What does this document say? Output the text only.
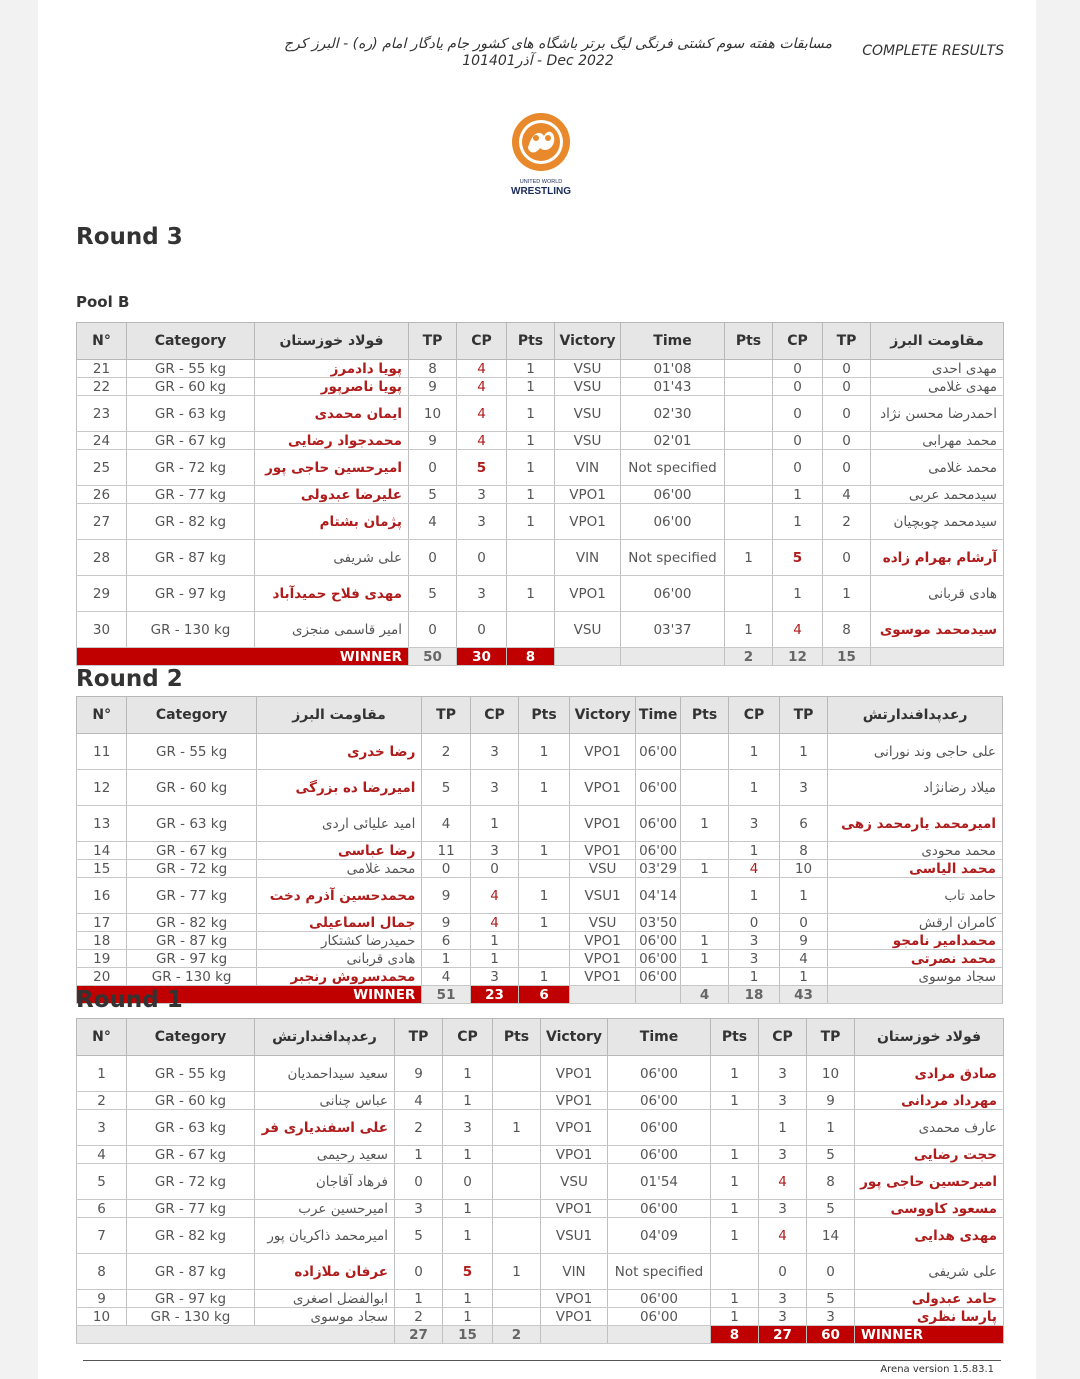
مسابقات هفته سوم کشتی فرنگی لیگ برتر باشگاه های کشور جام یادگار امام (ره) - البرز کرج
10آذر1401 - Dec 2022
COMPLETE RESULTS
UNITED WORLD
WRESTLING
Round 3
Pool B
N°	Category	فولاد خوزستان	TP	CP	Pts	Victory	Time	Pts	CP	TP	مقاومت البرز
21	GR - 55 kg	پویا دادمرز	8	4	1	VSU	01'08		0	0	مهدی احدی
22	GR - 60 kg	پویا ناصرپور	9	4	1	VSU	01'43		0	0	مهدی غلامی
23	GR - 63 kg	ایمان محمدی	10	4	1	VSU	02'30		0	0	احمدرضا محسن نژاد
24	GR - 67 kg	محمدجواد رضایی	9	4	1	VSU	02'01		0	0	محمد مهرابی
25	GR - 72 kg	امیرحسین حاجی پور	0	5	1	VIN	Not specified		0	0	محمد غلامی
26	GR - 77 kg	علیرضا عبدولی	5	3	1	VPO1	06'00		1	4	سیدمحمد عربی
27	GR - 82 kg	پژمان بشتام	4	3	1	VPO1	06'00		1	2	سیدمحمد چوبچیان
28	GR - 87 kg	علی شریفی	0	0		VIN	Not specified	1	5	0	آرشام بهرام زاده
29	GR - 97 kg	مهدی فلاح حمیدآباد	5	3	1	VPO1	06'00		1	1	هادی قربانی
30	GR - 130 kg	امیر قاسمی منجزی	0	0		VSU	03'37	1	4	8	سیدمحمد موسوی
WINNER			50	30	8			2	12	15	
Round 2
N°	Category	مقاومت البرز	TP	CP	Pts	Victory	Time	Pts	CP	TP	رعدپدافندارتش
11	GR - 55 kg	رضا خدری	2	3	1	VPO1	06'00		1	1	علی حاجی وند نورانی
12	GR - 60 kg	امیررضا ده بزرگی	5	3	1	VPO1	06'00		1	3	میلاد رضانژاد
13	GR - 63 kg	امید علیائی اردی	4	1		VPO1	06'00	1	3	6	امیرمحمد یارمحمد زهی
14	GR - 67 kg	رضا عباسی	11	3	1	VPO1	06'00		1	8	محمد محودی
15	GR - 72 kg	محمد غلامی	0	0		VSU	03'29	1	4	10	محمد الیاسی
16	GR - 77 kg	محمدحسین آذرم دخت	9	4	1	VSU1	04'14		1	1	حامد تاب
17	GR - 82 kg	جمال اسماعیلی	9	4	1	VSU	03'50		0	0	کامران ارقش
18	GR - 87 kg	حمیدرضا کشتکار	6	1		VPO1	06'00	1	3	9	محمدامیر نامجو
19	GR - 97 kg	هادی قربانی	1	1		VPO1	06'00	1	3	4	محمد نصرتی
20	GR - 130 kg	محمدسروش رنجبر	4	3	1	VPO1	06'00		1	1	سجاد موسوی
WINNER			51	23	6			4	18	43	
Round 1
N°	Category	رعدپدافندارتش	TP	CP	Pts	Victory	Time	Pts	CP	TP	فولاد خوزستان
1	GR - 55 kg	سعید سیداحمدیان	9	1		VPO1	06'00	1	3	10	صادق مرادی
2	GR - 60 kg	عباس چنانی	4	1		VPO1	06'00	1	3	9	مهرداد مردانی
3	GR - 63 kg	علی اسفندیاری فر	2	3	1	VPO1	06'00		1	1	عارف محمدی
4	GR - 67 kg	سعید رحیمی	1	1		VPO1	06'00	1	3	5	حجت رضایی
5	GR - 72 kg	فرهاد آقاجان	0	0		VSU	01'54	1	4	8	امیرحسین حاجی پور
6	GR - 77 kg	امیرحسین عرب	3	1		VPO1	06'00	1	3	5	مسعود کاووسی
7	GR - 82 kg	امیرمحمد ذاکریان پور	5	1		VSU1	04'09	1	4	14	مهدی هدایی
8	GR - 87 kg	عرفان ملازاده	0	5	1	VIN	Not specified		0	0	علی شریفی
9	GR - 97 kg	ابوالفضل اصغری	1	1		VPO1	06'00	1	3	5	حامد عبدولی
10	GR - 130 kg	سجاد موسوی	2	1		VPO1	06'00	1	3	3	پارسا نظری
			27	15	2			8	27	60	WINNER
Arena version 1.5.83.1
